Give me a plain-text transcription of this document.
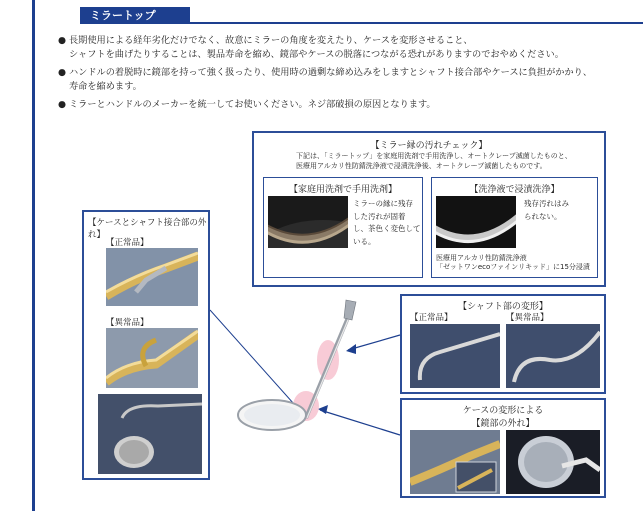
ミラートップ
● 長期使用による経年劣化だけでなく、故意にミラーの角度を変えたり、ケースを変形させること、
シャフトを曲げたりすることは、製品寿命を縮め、鏡部やケースの脱落につながる恐れがありますのでおやめください。
● ハンドルの着脱時に鏡部を持って強く扱ったり、使用時の過剰な締め込みをしますとシャフト接合部やケースに負担がかかり、
寿命を縮めます。
● ミラーとハンドルのメーカーを統一してお使いください。ネジ部破損の原因となります。
【ミラー縁の汚れチェック】
下記は、「ミラートップ」を家庭用洗剤で手用洗浄し、オートクレーブ滅菌したものと、
医療用アルカリ性防錆洗浄液で浸漬洗浄後、オートクレーブ滅菌したものです。
【家庭用洗剤で手用洗剤】
ミラーの縁に残存
した汚れが固着
し、茶色く変色して
いる。
【洗浄液で浸漬洗浄】
残存汚れはみ
られない。
医療用アルカリ性防錆洗浄液
「ゼットワンecoファインリキッド」に15分浸漬
【ケースとシャフト接合部の外れ】
【正常品】
【異常品】
【シャフト部の変形】
【正常品】	【異常品】
ケースの変形による
【鏡部の外れ】
